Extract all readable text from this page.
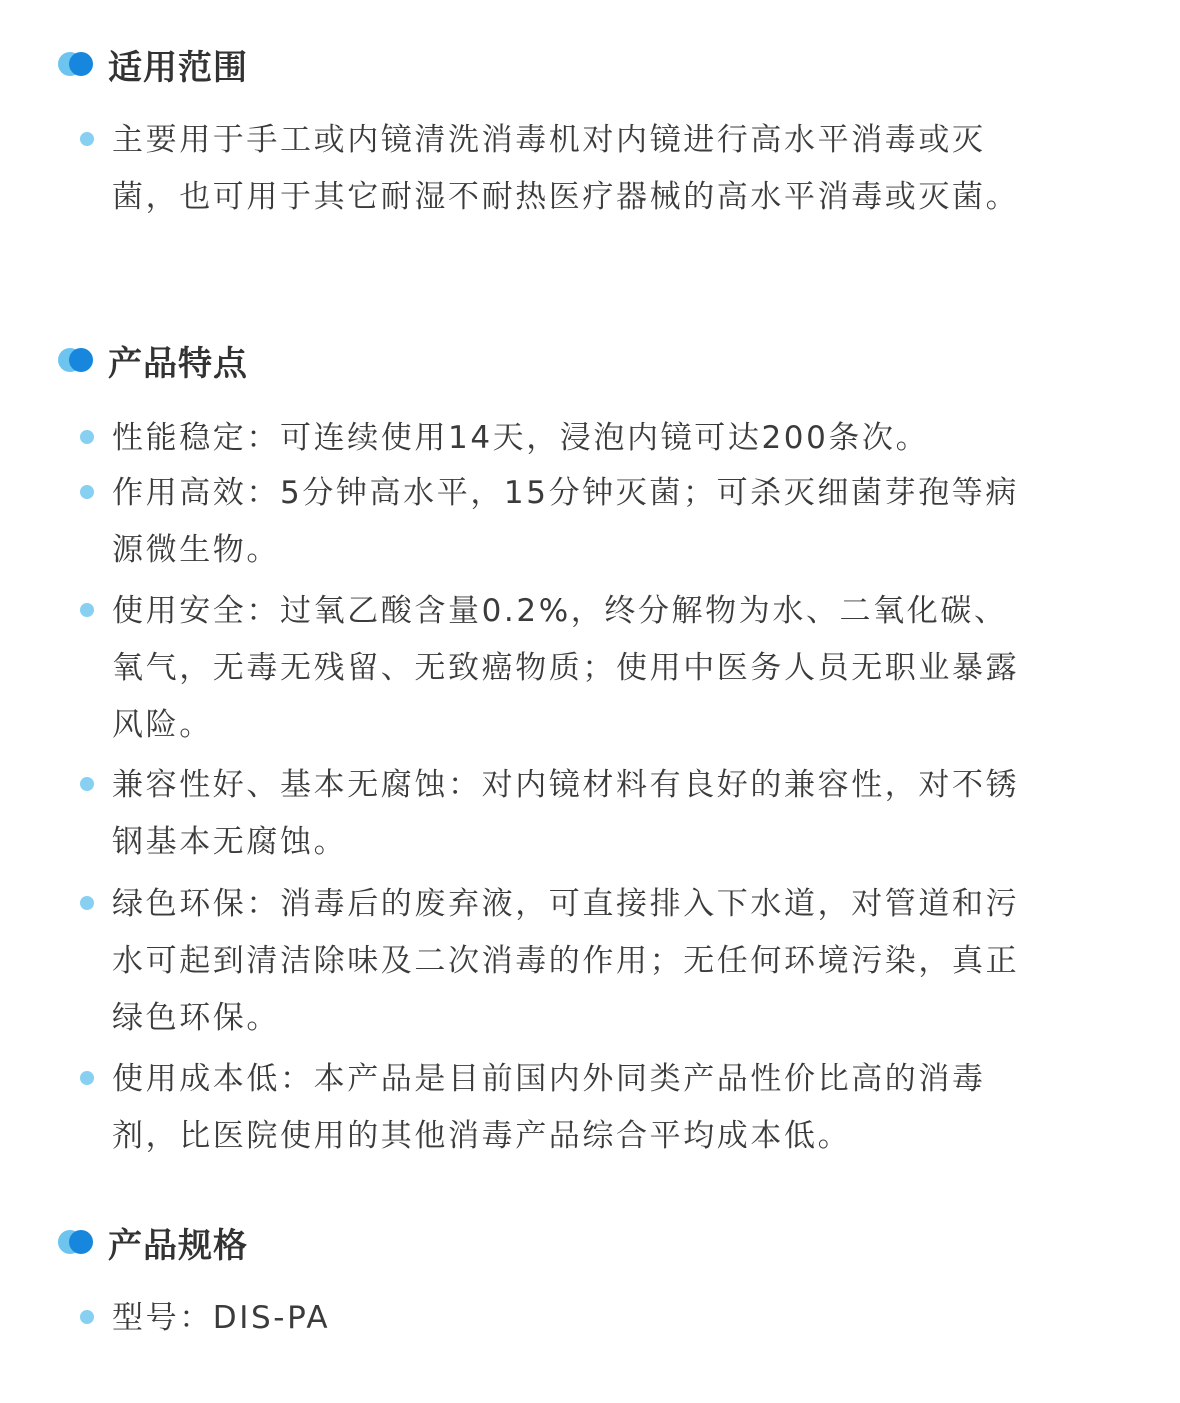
适用范围
主要用于手工或内镜清洗消毒机对内镜进行高水平消毒或灭菌，也可用于其它耐湿不耐热医疗器械的高水平消毒或灭菌。
产品特点
性能稳定：可连续使用14天，浸泡内镜可达200条次。
作用高效：5分钟高水平，15分钟灭菌；可杀灭细菌芽孢等病源微生物。
使用安全：过氧乙酸含量0.2%，终分解物为水、二氧化碳、氧气，无毒无残留、无致癌物质；使用中医务人员无职业暴露风险。
兼容性好、基本无腐蚀：对内镜材料有良好的兼容性，对不锈钢基本无腐蚀。
绿色环保：消毒后的废弃液，可直接排入下水道，对管道和污水可起到清洁除味及二次消毒的作用；无任何环境污染，真正绿色环保。
使用成本低：本产品是目前国内外同类产品性价比高的消毒剂，比医院使用的其他消毒产品综合平均成本低。
产品规格
型号：DIS-PA
